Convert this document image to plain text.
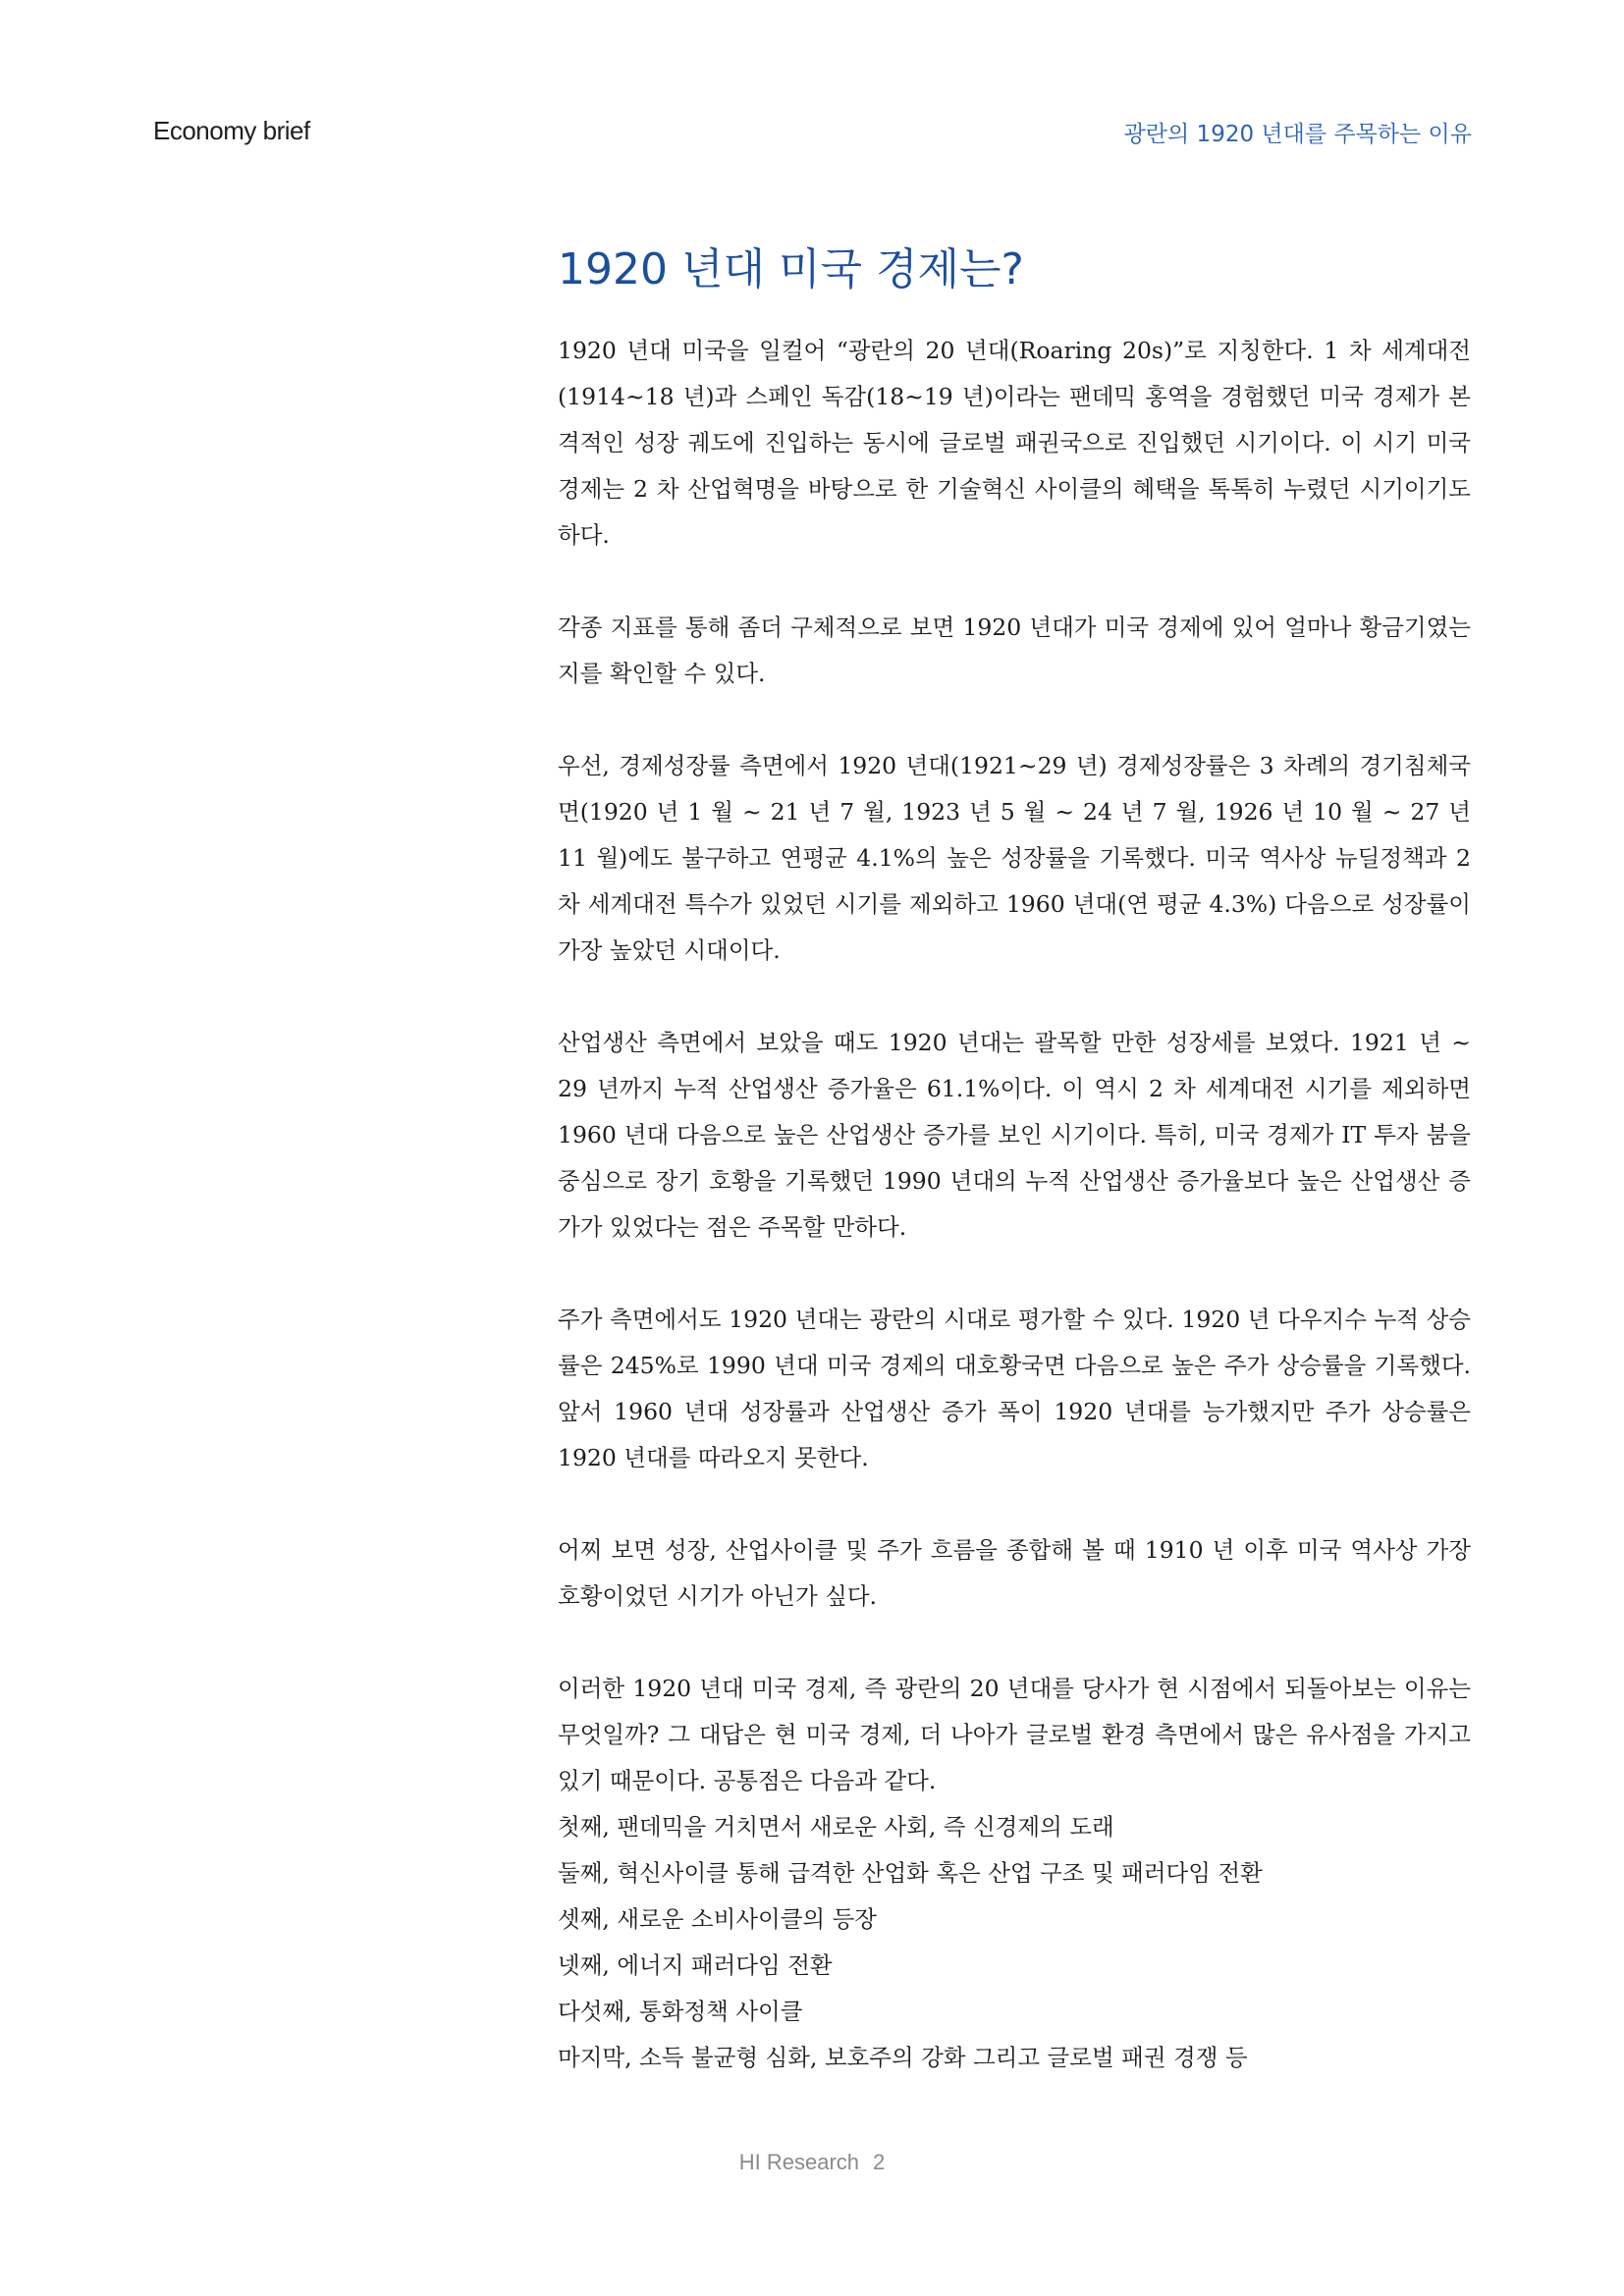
Economy brief	광란의 1920 년대를 주목하는 이유
1920 년대 미국 경제는?

1920 년대 미국을 일컬어 “광란의 20 년대(Roaring 20s)”로 지칭한다. 1 차 세계대전(1914~18 년)과 스페인 독감(18~19 년)이라는 팬데믹 홍역을 경험했던 미국 경제가 본격적인 성장 궤도에 진입하는 동시에 글로벌 패권국으로 진입했던 시기이다. 이 시기 미국 경제는 2 차 산업혁명을 바탕으로 한 기술혁신 사이클의 혜택을 톡톡히 누렸던 시기이기도 하다.

각종 지표를 통해 좀더 구체적으로 보면 1920 년대가 미국 경제에 있어 얼마나 황금기였는지를 확인할 수 있다.

우선, 경제성장률 측면에서 1920 년대(1921~29 년) 경제성장률은 3 차례의 경기침체국면(1920 년 1 월 ~ 21 년 7 월, 1923 년 5 월 ~ 24 년 7 월, 1926 년 10 월 ~ 27 년 11 월)에도 불구하고 연평균 4.1%의 높은 성장률을 기록했다. 미국 역사상 뉴딜정책과 2 차 세계대전 특수가 있었던 시기를 제외하고 1960 년대(연 평균 4.3%) 다음으로 성장률이 가장 높았던 시대이다.

산업생산 측면에서 보았을 때도 1920 년대는 괄목할 만한 성장세를 보였다. 1921 년 ~ 29 년까지 누적 산업생산 증가율은 61.1%이다. 이 역시 2 차 세계대전 시기를 제외하면 1960 년대 다음으로 높은 산업생산 증가를 보인 시기이다. 특히, 미국 경제가 IT 투자 붐을 중심으로 장기 호황을 기록했던 1990 년대의 누적 산업생산 증가율보다 높은 산업생산 증가가 있었다는 점은 주목할 만하다.

주가 측면에서도 1920 년대는 광란의 시대로 평가할 수 있다. 1920 년 다우지수 누적 상승률은 245%로 1990 년대 미국 경제의 대호황국면 다음으로 높은 주가 상승률을 기록했다. 앞서 1960 년대 성장률과 산업생산 증가 폭이 1920 년대를 능가했지만 주가 상승률은 1920 년대를 따라오지 못한다.

어찌 보면 성장, 산업사이클 및 주가 흐름을 종합해 볼 때 1910 년 이후 미국 역사상 가장 호황이었던 시기가 아닌가 싶다.

이러한 1920 년대 미국 경제, 즉 광란의 20 년대를 당사가 현 시점에서 되돌아보는 이유는 무엇일까? 그 대답은 현 미국 경제, 더 나아가 글로벌 환경 측면에서 많은 유사점을 가지고 있기 때문이다. 공통점은 다음과 같다.

첫째, 팬데믹을 거치면서 새로운 사회, 즉 신경제의 도래
둘째, 혁신사이클 통해 급격한 산업화 혹은 산업 구조 및 패러다임 전환
셋째, 새로운 소비사이클의 등장
넷째, 에너지 패러다임 전환
다섯째, 통화정책 사이클
마지막, 소득 불균형 심화, 보호주의 강화 그리고 글로벌 패권 경쟁 등
HI Research 2
